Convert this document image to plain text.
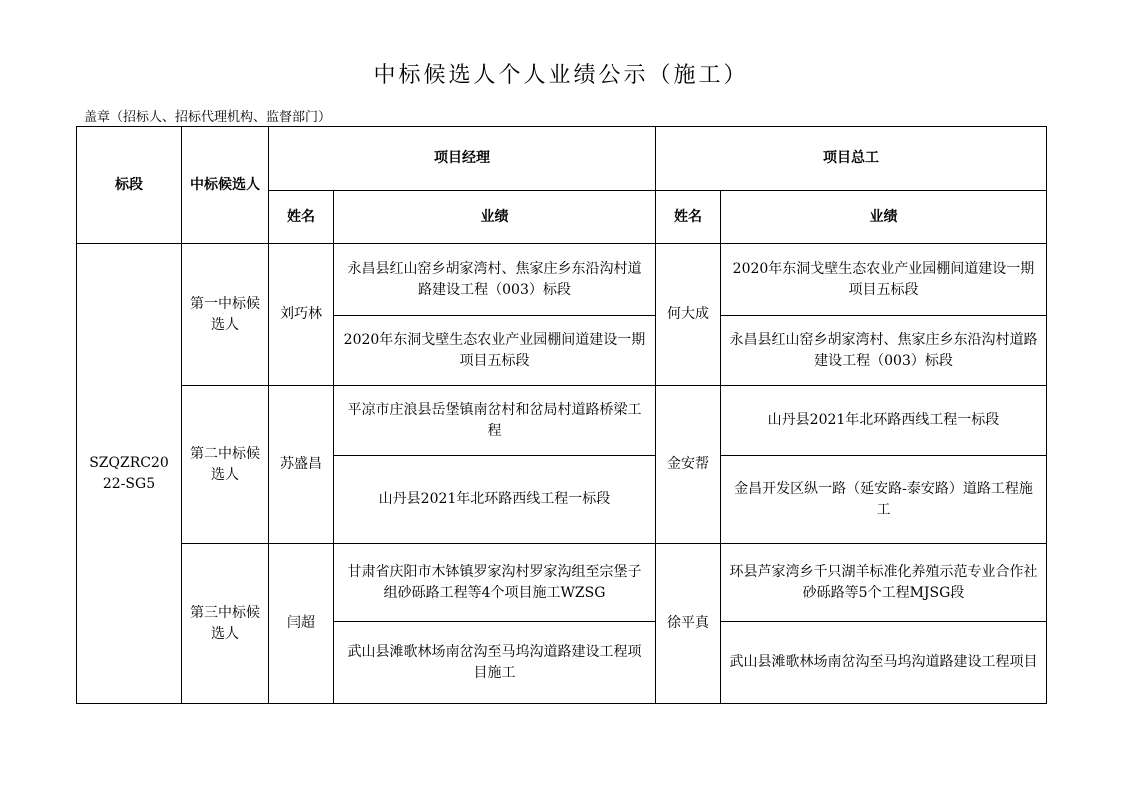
中标候选人个人业绩公示（施工）
盖章（招标人、招标代理机构、监督部门）
标段	中标候选人	项目经理		项目总工	
		姓名	业绩	姓名	业绩
SZQZRC2022-SG5	第一中标候选人	刘巧林	永昌县红山窑乡胡家湾村、焦家庄乡东沿沟村道路建设工程（003）标段	何大成	2020年东洞戈壁生态农业产业园棚间道建设一期项目五标段
			2020年东洞戈壁生态农业产业园棚间道建设一期项目五标段		永昌县红山窑乡胡家湾村、焦家庄乡东沿沟村道路建设工程（003）标段
	第二中标候选人	苏盛昌	平凉市庄浪县岳堡镇南岔村和岔局村道路桥梁工程	金安帮	山丹县2021年北环路西线工程一标段
			山丹县2021年北环路西线工程一标段		金昌开发区纵一路（延安路-泰安路）道路工程施工
	第三中标候选人	闫超	甘肃省庆阳市木钵镇罗家沟村罗家沟组至宗堡子组砂砾路工程等4个项目施工WZSG	徐平真	环县芦家湾乡千只湖羊标准化养殖示范专业合作社砂砾路等5个工程MJSG段
			武山县滩歌林场南岔沟至马坞沟道路建设工程项目施工		武山县滩歌林场南岔沟至马坞沟道路建设工程项目
